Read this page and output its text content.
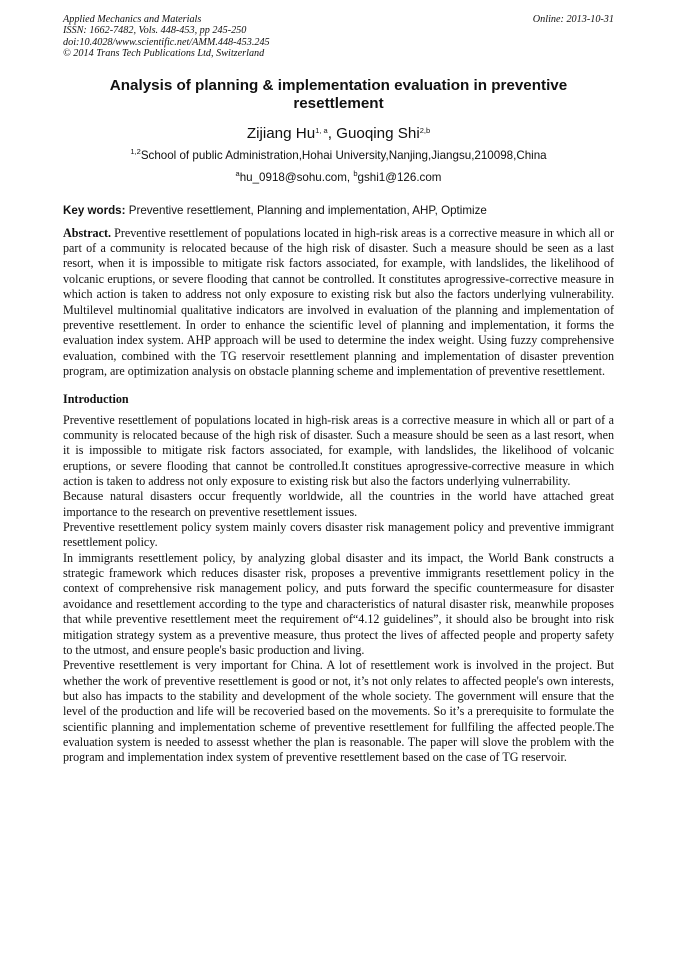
Applied Mechanics and Materials
ISSN: 1662-7482, Vols. 448-453, pp 245-250
doi:10.4028/www.scientific.net/AMM.448-453.245
© 2014 Trans Tech Publications Ltd, Switzerland
Online: 2013-10-31
Analysis of planning & implementation evaluation in preventive resettlement
Zijiang Hu$^{1, a}$, Guoqing Shi$^{2,b}$
$^{1,2}$School of public Administration,Hohai University,Nanjing,Jiangsu,210098,China
$^a$hu_0918@sohu.com, $^b$gshi1@126.com
Key words: Preventive resettlement, Planning and implementation, AHP, Optimize
Abstract. Preventive resettlement of populations located in high-risk areas is a corrective measure in which all or part of a community is relocated because of the high risk of disaster. Such a measure should be seen as a last resort, when it is impossible to mitigate risk factors associated, for example, with landslides, the likelihood of volcanic eruptions, or severe flooding that cannot be controlled. It constitutes aprogressive-corrective measure in which action is taken to address not only exposure to existing risk but also the factors underlying vulnerability. Multilevel multinomial qualitative indicators are involved in evaluation of the planning and implementation of preventive resettlement. In order to enhance the scientific level of planning and implementation, it forms the evaluation index system. AHP approach will be used to determine the index weight. Using fuzzy comprehensive evaluation, combined with the TG reservoir resettlement planning and implementation of disaster prevention program, are optimization analysis on obstacle planning scheme and implementation of preventive resettlement.
Introduction

Preventive resettlement of populations located in high-risk areas is a corrective measure in which all or part of a community is relocated because of the high risk of disaster. Such a measure should be seen as a last resort, when it is impossible to mitigate risk factors associated, for example, with landslides, the likelihood of volcanic eruptions, or severe flooding that cannot be controlled.It constitues aprogressive-corrective measure in which action is taken to address not only exposure to existing risk but also the factors underlying vulnerrability.

Because natural disasters occur frequently worldwide, all the countries in the world have attached great importance to the research on preventive resettlement issues.

Preventive resettlement policy system mainly covers disaster risk management policy and preventive immigrant resettlement policy.

In immigrants resettlement policy, by analyzing global disaster and its impact, the World Bank constructs a strategic framework which reduces disaster risk, proposes a preventive immigrants resettlement policy in the context of comprehensive risk management policy, and puts forward the specific countermeasure for disaster avoidance and resettlement according to the type and characteristics of natural disaster risk, meanwhile proposes that while preventive resettlement meet the requirement of“4.12 guidelines”, it should also be brought into risk mitigation strategy system as a preventive measure, thus protect the lives of affected people and property safety to the utmost, and ensure people's basic production and living.

Preventive resettlement is very important for China. A lot of resettlement work is involved in the project. But whether the work of preventive resettlement is good or not, it’s not only relates to affected people's own interests, but also has impacts to the stability and development of the whole society. The government will ensure that the level of the production and life will be recoveried based on the movements. So it’s a prerequisite to formulate the scientific planning and implementation scheme of preventive resettlement for fullfiling the affected people.The evaluation system is needed to assesst whether the plan is reasonable. The paper will slove the problem with the program and implementation index system of preventive resettlement based on the case of TG reservoir.
